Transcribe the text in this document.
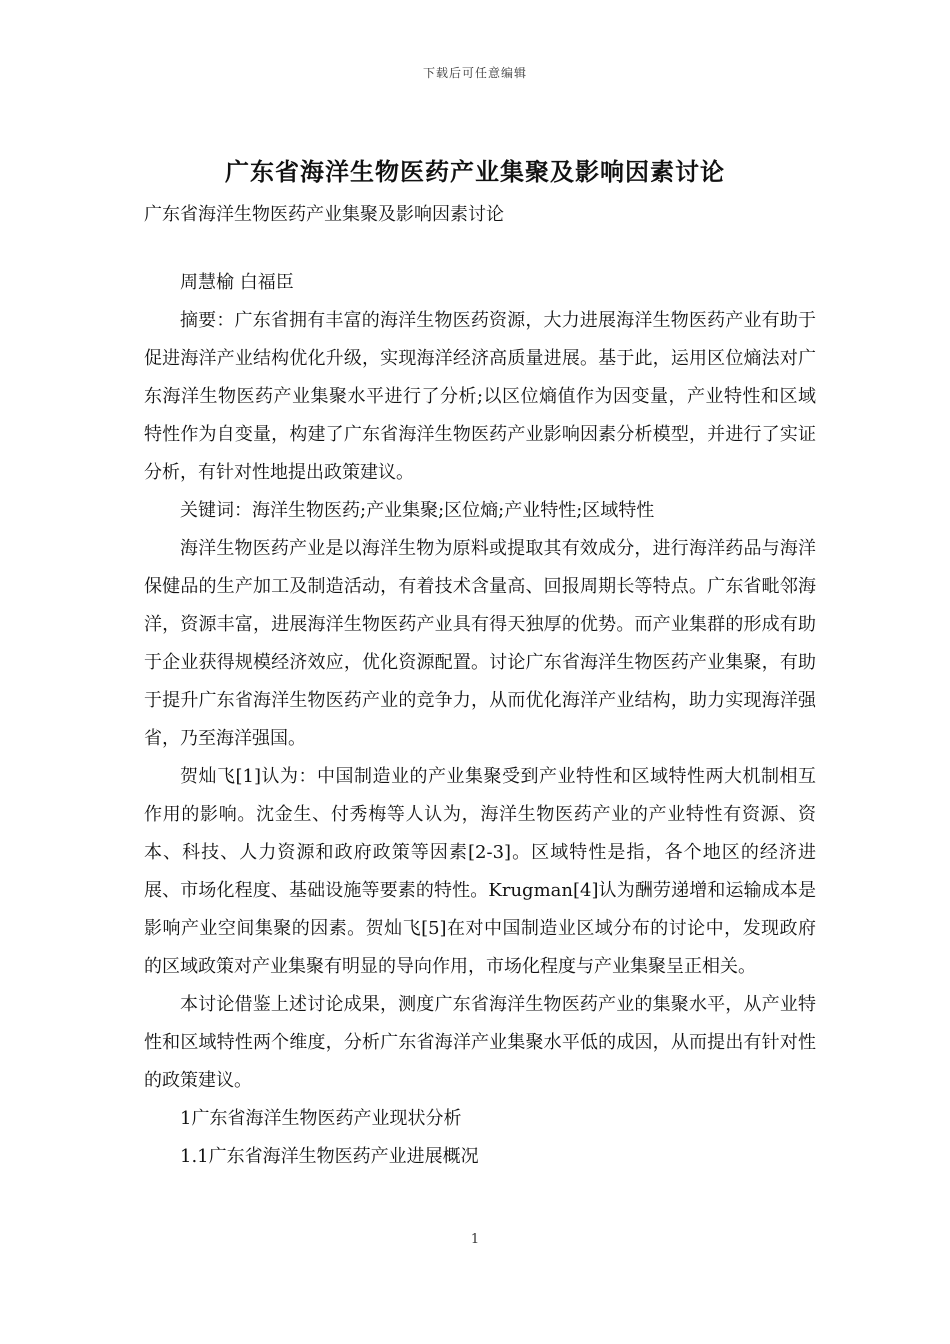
下载后可任意编辑
广东省海洋生物医药产业集聚及影响因素讨论
广东省海洋生物医药产业集聚及影响因素讨论

周慧榆 白福臣

摘要：广东省拥有丰富的海洋生物医药资源，大力进展海洋生物医药产业有助于促进海洋产业结构优化升级，实现海洋经济高质量进展。基于此，运用区位熵法对广东海洋生物医药产业集聚水平进行了分析;以区位熵值作为因变量，产业特性和区域特性作为自变量，构建了广东省海洋生物医药产业影响因素分析模型，并进行了实证分析，有针对性地提出政策建议。

关键词：海洋生物医药;产业集聚;区位熵;产业特性;区域特性

海洋生物医药产业是以海洋生物为原料或提取其有效成分，进行海洋药品与海洋保健品的生产加工及制造活动，有着技术含量高、回报周期长等特点。广东省毗邻海洋，资源丰富，进展海洋生物医药产业具有得天独厚的优势。而产业集群的形成有助于企业获得规模经济效应，优化资源配置。讨论广东省海洋生物医药产业集聚，有助于提升广东省海洋生物医药产业的竞争力，从而优化海洋产业结构，助力实现海洋强省，乃至海洋强国。

贺灿飞[1]认为：中国制造业的产业集聚受到产业特性和区域特性两大机制相互作用的影响。沈金生、付秀梅等人认为，海洋生物医药产业的产业特性有资源、资本、科技、人力资源和政府政策等因素[2-3]。区域特性是指，各个地区的经济进展、市场化程度、基础设施等要素的特性。Krugman[4]认为酬劳递增和运输成本是影响产业空间集聚的因素。贺灿飞[5]在对中国制造业区域分布的讨论中，发现政府的区域政策对产业集聚有明显的导向作用，市场化程度与产业集聚呈正相关。

本讨论借鉴上述讨论成果，测度广东省海洋生物医药产业的集聚水平，从产业特性和区域特性两个维度，分析广东省海洋产业集聚水平低的成因，从而提出有针对性的政策建议。

1广东省海洋生物医药产业现状分析

1.1广东省海洋生物医药产业进展概况

1
